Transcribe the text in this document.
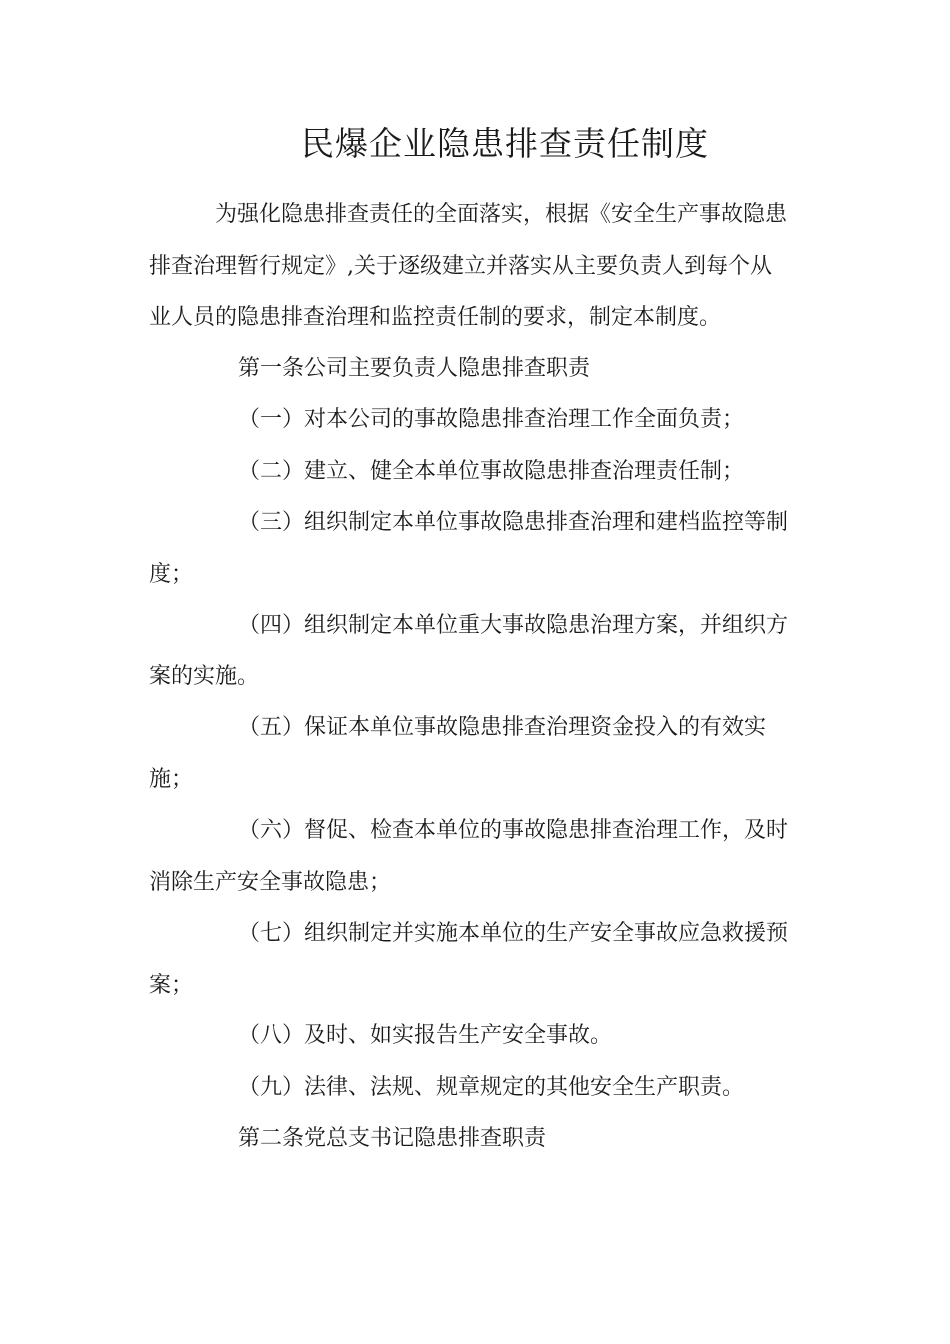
民爆企业隐患排查责任制度

为强化隐患排查责任的全面落实，根据《安全生产事故隐患

排查治理暂行规定》,关于逐级建立并落实从主要负责人到每个从

业人员的隐患排查治理和监控责任制的要求，制定本制度。

第一条公司主要负责人隐患排查职责

（一）对本公司的事故隐患排查治理工作全面负责；

（二）建立、健全本单位事故隐患排查治理责任制；

（三）组织制定本单位事故隐患排查治理和建档监控等制

度；

（四）组织制定本单位重大事故隐患治理方案，并组织方

案的实施。

（五）保证本单位事故隐患排查治理资金投入的有效实

施；

（六）督促、检查本单位的事故隐患排查治理工作，及时

消除生产安全事故隐患；

（七）组织制定并实施本单位的生产安全事故应急救援预

案；

（八）及时、如实报告生产安全事故。

（九）法律、法规、规章规定的其他安全生产职责。

第二条党总支书记隐患排查职责
